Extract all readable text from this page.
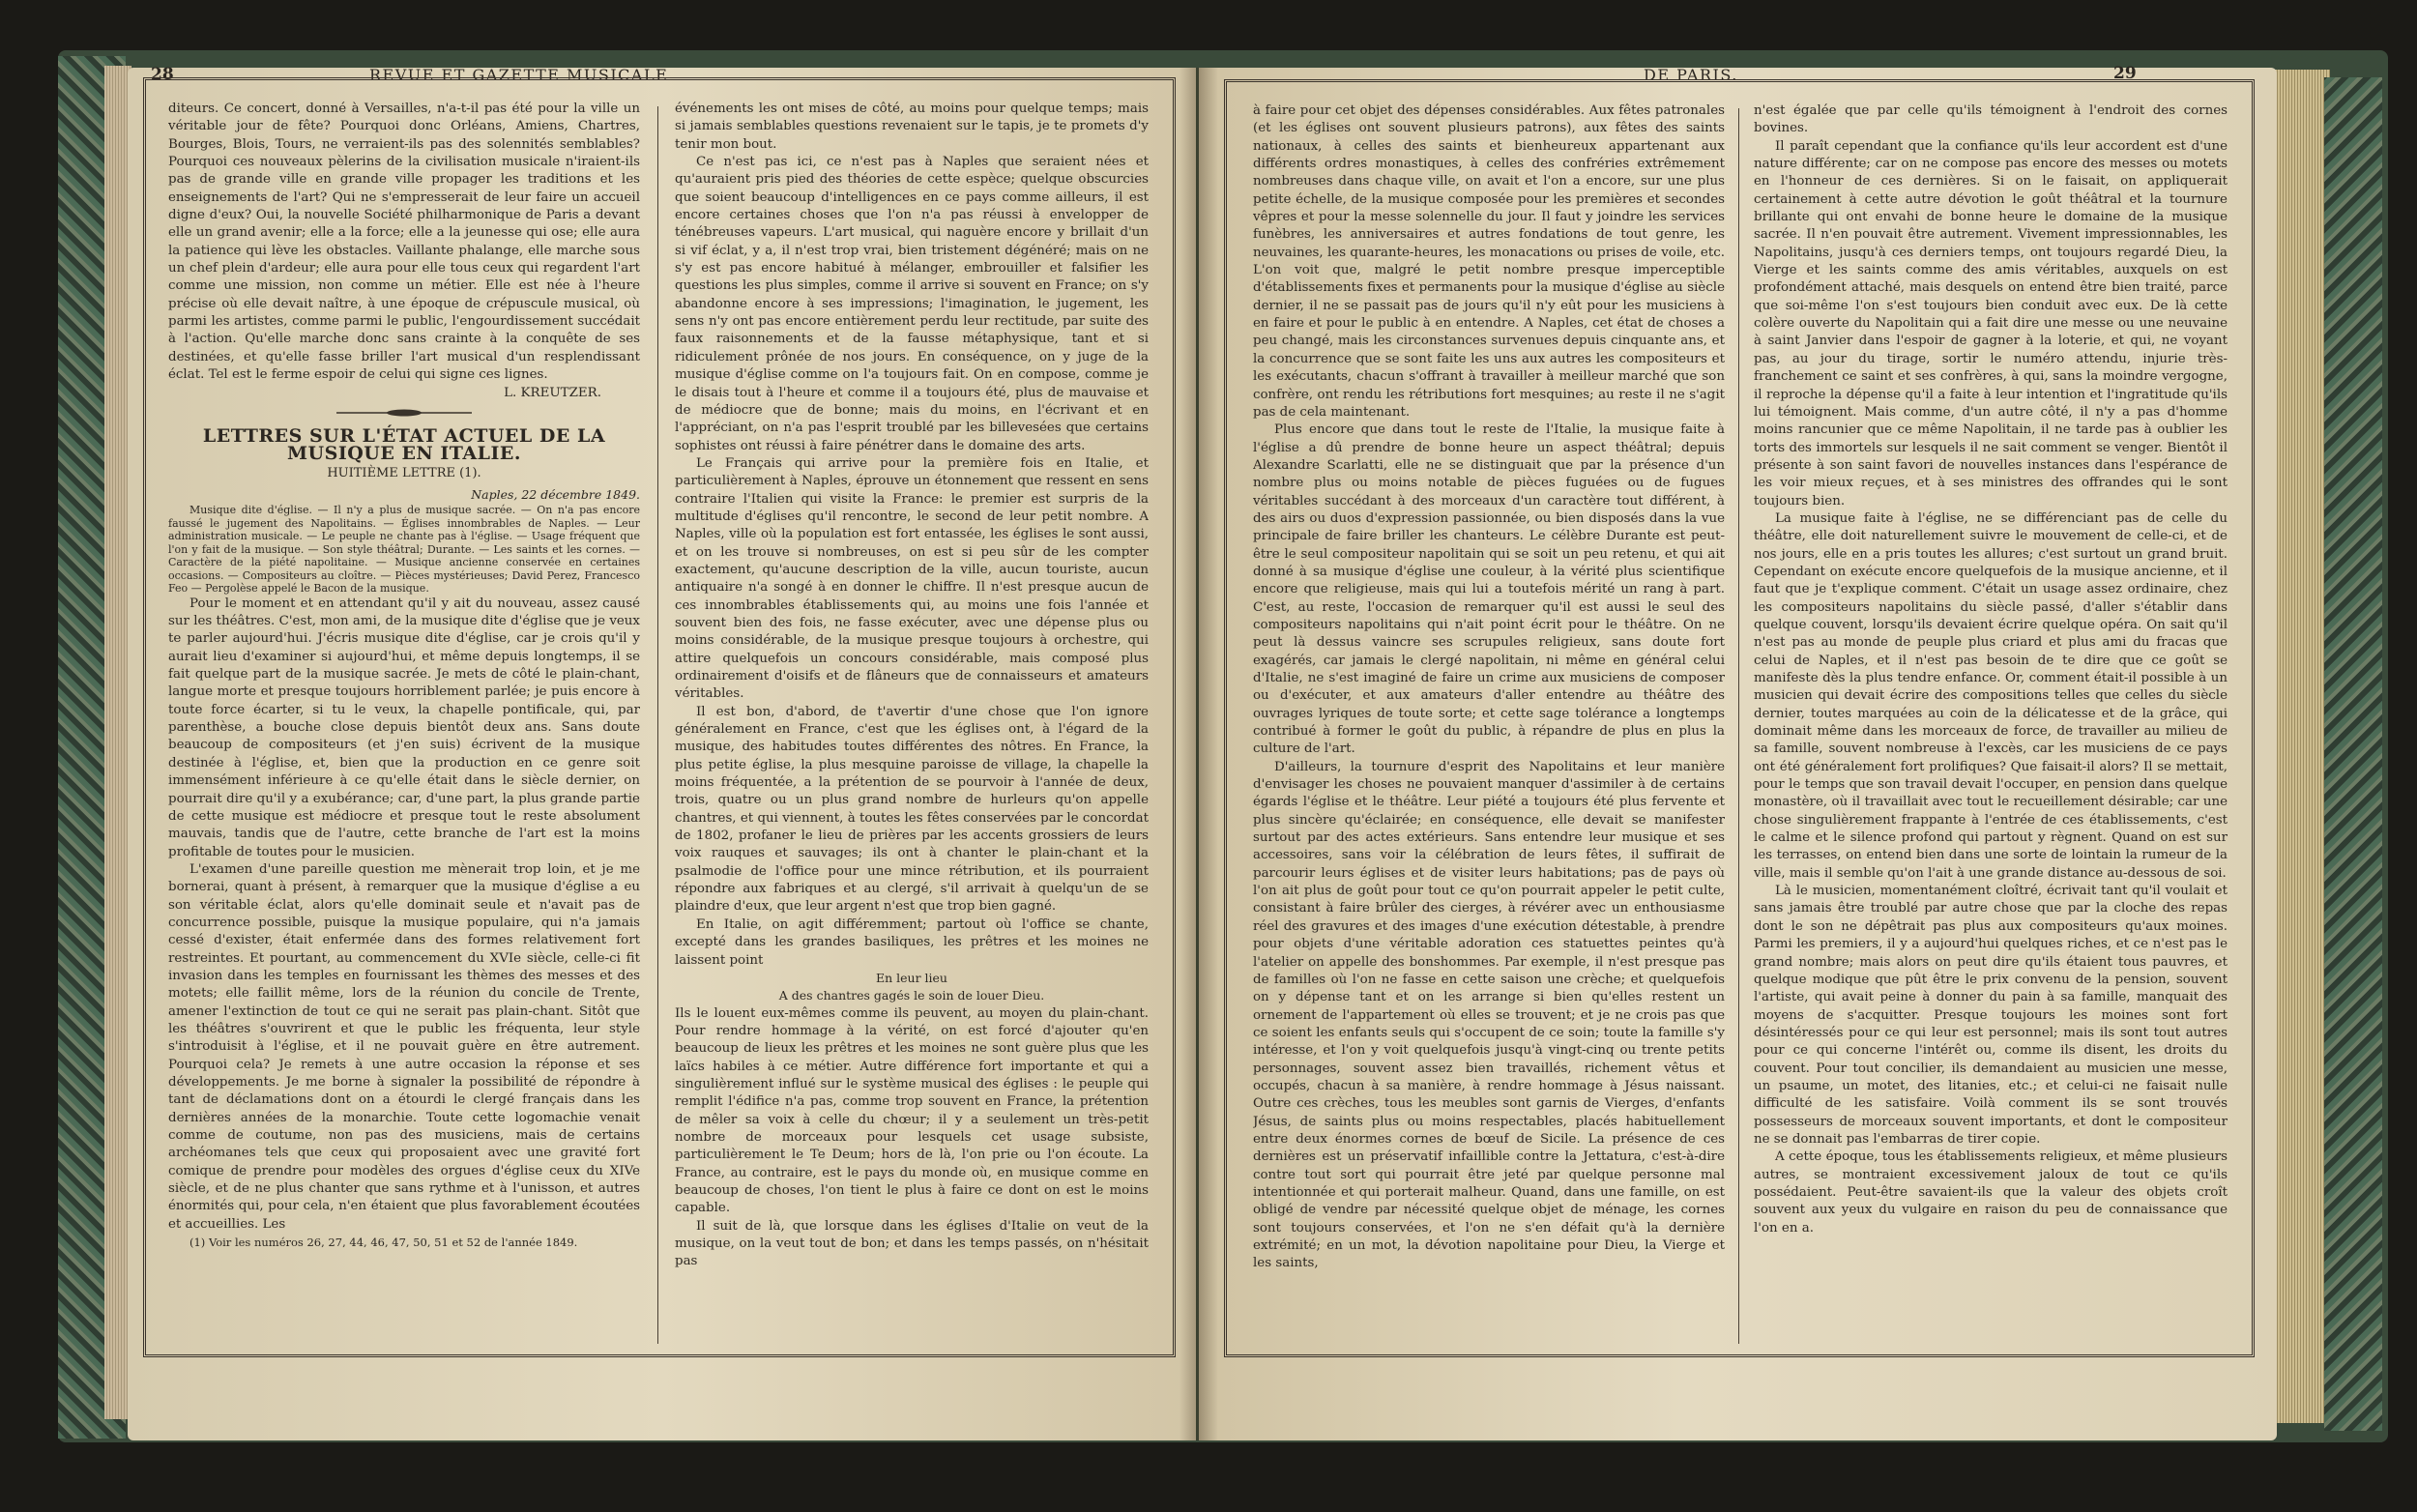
28	REVUE ET GAZETTE MUSICALE

diteurs. Ce concert, donné à Versailles, n'a-t-il pas été pour la ville un véritable jour de fête? Pourquoi donc Orléans, Amiens, Chartres, Bourges, Blois, Tours, ne verraient-ils pas des solennités semblables? Pourquoi ces nouveaux pèlerins de la civilisation musicale n'iraient-ils pas de grande ville en grande ville propager les traditions et les enseignements de l'art? Qui ne s'empresserait de leur faire un accueil digne d'eux? Oui, la nouvelle Société philharmonique de Paris a devant elle un grand avenir; elle a la force; elle a la jeunesse qui ose; elle aura la patience qui lève les obstacles. Vaillante phalange, elle marche sous un chef plein d'ardeur; elle aura pour elle tous ceux qui regardent l'art comme une mission, non comme un métier. Elle est née à l'heure précise où elle devait naître, à une époque de crépuscule musical, où parmi les artistes, comme parmi le public, l'engourdissement succédait à l'action. Qu'elle marche donc sans crainte à la conquête de ses destinées, et qu'elle fasse briller l'art musical d'un resplendissant éclat. Tel est le ferme espoir de celui qui signe ces lignes.

L. KREUTZER.

LETTRES SUR L'ÉTAT ACTUEL DE LA MUSIQUE EN ITALIE.
HUITIÈME LETTRE (1).

Naples, 22 décembre 1849.

Musique dite d'église. — Il n'y a plus de musique sacrée. — On n'a pas encore faussé le jugement des Napolitains. — Églises innombrables de Naples. — Leur administration musicale. — Le peuple ne chante pas à l'église. — Usage fréquent que l'on y fait de la musique. — Son style théâtral; Durante. — Les saints et les cornes. — Caractère de la piété napolitaine. — Musique ancienne conservée en certaines occasions. — Compositeurs au cloître. — Pièces mystérieuses; David Perez, Francesco Feo — Pergolèse appelé le Bacon de la musique.

Pour le moment et en attendant qu'il y ait du nouveau, assez causé sur les théâtres. C'est, mon ami, de la musique dite d'église que je veux te parler aujourd'hui. J'écris musique dite d'église, car je crois qu'il y aurait lieu d'examiner si aujourd'hui, et même depuis longtemps, il se fait quelque part de la musique sacrée. Je mets de côté le plain-chant, langue morte et presque toujours horriblement parlée; je puis encore à toute force écarter, si tu le veux, la chapelle pontificale, qui, par parenthèse, a bouche close depuis bientôt deux ans. Sans doute beaucoup de compositeurs (et j'en suis) écrivent de la musique destinée à l'église, et, bien que la production en ce genre soit immensément inférieure à ce qu'elle était dans le siècle dernier, on pourrait dire qu'il y a exubérance; car, d'une part, la plus grande partie de cette musique est médiocre et presque tout le reste absolument mauvais, tandis que de l'autre, cette branche de l'art est la moins profitable de toutes pour le musicien.

L'examen d'une pareille question me mènerait trop loin, et je me bornerai, quant à présent, à remarquer que la musique d'église a eu son véritable éclat, alors qu'elle dominait seule et n'avait pas de concurrence possible, puisque la musique populaire, qui n'a jamais cessé d'exister, était enfermée dans des formes relativement fort restreintes. Et pourtant, au commencement du XVIe siècle, celle-ci fit invasion dans les temples en fournissant les thèmes des messes et des motets; elle faillit même, lors de la réunion du concile de Trente, amener l'extinction de tout ce qui ne serait pas plain-chant. Sitôt que les théâtres s'ouvrirent et que le public les fréquenta, leur style s'introduisit à l'église, et il ne pouvait guère en être autrement. Pourquoi cela? Je remets à une autre occasion la réponse et ses développements. Je me borne à signaler la possibilité de répondre à tant de déclamations dont on a étourdi le clergé français dans les dernières années de la monarchie. Toute cette logomachie venait comme de coutume, non pas des musiciens, mais de certains archéomanes tels que ceux qui proposaient avec une gravité fort comique de prendre pour modèles des orgues d'église ceux du XIVe siècle, et de ne plus chanter que sans rythme et à l'unisson, et autres énormités qui, pour cela, n'en étaient que plus favorablement écoutées et accueillies. Les

(1) Voir les numéros 26, 27, 44, 46, 47, 50, 51 et 52 de l'année 1849.

événements les ont mises de côté, au moins pour quelque temps; mais si jamais semblables questions revenaient sur le tapis, je te promets d'y tenir mon bout.

Ce n'est pas ici, ce n'est pas à Naples que seraient nées et qu'auraient pris pied des théories de cette espèce; quelque obscurcies que soient beaucoup d'intelligences en ce pays comme ailleurs, il est encore certaines choses que l'on n'a pas réussi à envelopper de ténébreuses vapeurs. L'art musical, qui naguère encore y brillait d'un si vif éclat, y a, il n'est trop vrai, bien tristement dégénéré; mais on ne s'y est pas encore habitué à mélanger, embrouiller et falsifier les questions les plus simples, comme il arrive si souvent en France; on s'y abandonne encore à ses impressions; l'imagination, le jugement, les sens n'y ont pas encore entièrement perdu leur rectitude, par suite des faux raisonnements et de la fausse métaphysique, tant et si ridiculement prônée de nos jours. En conséquence, on y juge de la musique d'église comme on l'a toujours fait. On en compose, comme je le disais tout à l'heure et comme il a toujours été, plus de mauvaise et de médiocre que de bonne; mais du moins, en l'écrivant et en l'appréciant, on n'a pas l'esprit troublé par les billevesées que certains sophistes ont réussi à faire pénétrer dans le domaine des arts.

Le Français qui arrive pour la première fois en Italie, et particulièrement à Naples, éprouve un étonnement que ressent en sens contraire l'Italien qui visite la France: le premier est surpris de la multitude d'églises qu'il rencontre, le second de leur petit nombre. A Naples, ville où la population est fort entassée, les églises le sont aussi, et on les trouve si nombreuses, on est si peu sûr de les compter exactement, qu'aucune description de la ville, aucun touriste, aucun antiquaire n'a songé à en donner le chiffre. Il n'est presque aucun de ces innombrables établissements qui, au moins une fois l'année et souvent bien des fois, ne fasse exécuter, avec une dépense plus ou moins considérable, de la musique presque toujours à orchestre, qui attire quelquefois un concours considérable, mais composé plus ordinairement d'oisifs et de flâneurs que de connaisseurs et amateurs véritables.

Il est bon, d'abord, de t'avertir d'une chose que l'on ignore généralement en France, c'est que les églises ont, à l'égard de la musique, des habitudes toutes différentes des nôtres. En France, la plus petite église, la plus mesquine paroisse de village, la chapelle la moins fréquentée, a la prétention de se pourvoir à l'année de deux, trois, quatre ou un plus grand nombre de hurleurs qu'on appelle chantres, et qui viennent, à toutes les fêtes conservées par le concordat de 1802, profaner le lieu de prières par les accents grossiers de leurs voix rauques et sauvages; ils ont à chanter le plain-chant et la psalmodie de l'office pour une mince rétribution, et ils pourraient répondre aux fabriques et au clergé, s'il arrivait à quelqu'un de se plaindre d'eux, que leur argent n'est que trop bien gagné.

En Italie, on agit différemment; partout où l'office se chante, excepté dans les grandes basiliques, les prêtres et les moines ne laissent point

En leur lieu

A des chantres gagés le soin de louer Dieu.

Ils le louent eux-mêmes comme ils peuvent, au moyen du plain-chant. Pour rendre hommage à la vérité, on est forcé d'ajouter qu'en beaucoup de lieux les prêtres et les moines ne sont guère plus que les laïcs habiles à ce métier. Autre différence fort importante et qui a singulièrement influé sur le système musical des églises : le peuple qui remplit l'édifice n'a pas, comme trop souvent en France, la prétention de mêler sa voix à celle du chœur; il y a seulement un très-petit nombre de morceaux pour lesquels cet usage subsiste, particulièrement le Te Deum; hors de là, l'on prie ou l'on écoute. La France, au contraire, est le pays du monde où, en musique comme en beaucoup de choses, l'on tient le plus à faire ce dont on est le moins capable.

Il suit de là, que lorsque dans les églises d'Italie on veut de la musique, on la veut tout de bon; et dans les temps passés, on n'hésitait pas

DE PARIS.	29

à faire pour cet objet des dépenses considérables. Aux fêtes patronales (et les églises ont souvent plusieurs patrons), aux fêtes des saints nationaux, à celles des saints et bienheureux appartenant aux différents ordres monastiques, à celles des confréries extrêmement nombreuses dans chaque ville, on avait et l'on a encore, sur une plus petite échelle, de la musique composée pour les premières et secondes vêpres et pour la messe solennelle du jour. Il faut y joindre les services funèbres, les anniversaires et autres fondations de tout genre, les neuvaines, les quarante-heures, les monacations ou prises de voile, etc. L'on voit que, malgré le petit nombre presque imperceptible d'établissements fixes et permanents pour la musique d'église au siècle dernier, il ne se passait pas de jours qu'il n'y eût pour les musiciens à en faire et pour le public à en entendre. A Naples, cet état de choses a peu changé, mais les circonstances survenues depuis cinquante ans, et la concurrence que se sont faite les uns aux autres les compositeurs et les exécutants, chacun s'offrant à travailler à meilleur marché que son confrère, ont rendu les rétributions fort mesquines; au reste il ne s'agit pas de cela maintenant.

Plus encore que dans tout le reste de l'Italie, la musique faite à l'église a dû prendre de bonne heure un aspect théâtral; depuis Alexandre Scarlatti, elle ne se distinguait que par la présence d'un nombre plus ou moins notable de pièces fuguées ou de fugues véritables succédant à des morceaux d'un caractère tout différent, à des airs ou duos d'expression passionnée, ou bien disposés dans la vue principale de faire briller les chanteurs. Le célèbre Durante est peut-être le seul compositeur napolitain qui se soit un peu retenu, et qui ait donné à sa musique d'église une couleur, à la vérité plus scientifique encore que religieuse, mais qui lui a toutefois mérité un rang à part. C'est, au reste, l'occasion de remarquer qu'il est aussi le seul des compositeurs napolitains qui n'ait point écrit pour le théâtre. On ne peut là dessus vaincre ses scrupules religieux, sans doute fort exagérés, car jamais le clergé napolitain, ni même en général celui d'Italie, ne s'est imaginé de faire un crime aux musiciens de composer ou d'exécuter, et aux amateurs d'aller entendre au théâtre des ouvrages lyriques de toute sorte; et cette sage tolérance a longtemps contribué à former le goût du public, à répandre de plus en plus la culture de l'art.

D'ailleurs, la tournure d'esprit des Napolitains et leur manière d'envisager les choses ne pouvaient manquer d'assimiler à de certains égards l'église et le théâtre. Leur piété a toujours été plus fervente et plus sincère qu'éclairée; en conséquence, elle devait se manifester surtout par des actes extérieurs. Sans entendre leur musique et ses accessoires, sans voir la célébration de leurs fêtes, il suffirait de parcourir leurs églises et de visiter leurs habitations; pas de pays où l'on ait plus de goût pour tout ce qu'on pourrait appeler le petit culte, consistant à faire brûler des cierges, à révérer avec un enthousiasme réel des gravures et des images d'une exécution détestable, à prendre pour objets d'une véritable adoration ces statuettes peintes qu'à l'atelier on appelle des bonshommes. Par exemple, il n'est presque pas de familles où l'on ne fasse en cette saison une crèche; et quelquefois on y dépense tant et on les arrange si bien qu'elles restent un ornement de l'appartement où elles se trouvent; et je ne crois pas que ce soient les enfants seuls qui s'occupent de ce soin; toute la famille s'y intéresse, et l'on y voit quelquefois jusqu'à vingt-cinq ou trente petits personnages, souvent assez bien travaillés, richement vêtus et occupés, chacun à sa manière, à rendre hommage à Jésus naissant. Outre ces crèches, tous les meubles sont garnis de Vierges, d'enfants Jésus, de saints plus ou moins respectables, placés habituellement entre deux énormes cornes de bœuf de Sicile. La présence de ces dernières est un préservatif infaillible contre la Jettatura, c'est-à-dire contre tout sort qui pourrait être jeté par quelque personne mal intentionnée et qui porterait malheur. Quand, dans une famille, on est obligé de vendre par nécessité quelque objet de ménage, les cornes sont toujours conservées, et l'on ne s'en défait qu'à la dernière extrémité; en un mot, la dévotion napolitaine pour Dieu, la Vierge et les saints,

n'est égalée que par celle qu'ils témoignent à l'endroit des cornes bovines.

Il paraît cependant que la confiance qu'ils leur accordent est d'une nature différente; car on ne compose pas encore des messes ou motets en l'honneur de ces dernières. Si on le faisait, on appliquerait certainement à cette autre dévotion le goût théâtral et la tournure brillante qui ont envahi de bonne heure le domaine de la musique sacrée. Il n'en pouvait être autrement. Vivement impressionnables, les Napolitains, jusqu'à ces derniers temps, ont toujours regardé Dieu, la Vierge et les saints comme des amis véritables, auxquels on est profondément attaché, mais desquels on entend être bien traité, parce que soi-même l'on s'est toujours bien conduit avec eux. De là cette colère ouverte du Napolitain qui a fait dire une messe ou une neuvaine à saint Janvier dans l'espoir de gagner à la loterie, et qui, ne voyant pas, au jour du tirage, sortir le numéro attendu, injurie très-franchement ce saint et ses confrères, à qui, sans la moindre vergogne, il reproche la dépense qu'il a faite à leur intention et l'ingratitude qu'ils lui témoignent. Mais comme, d'un autre côté, il n'y a pas d'homme moins rancunier que ce même Napolitain, il ne tarde pas à oublier les torts des immortels sur lesquels il ne sait comment se venger. Bientôt il présente à son saint favori de nouvelles instances dans l'espérance de les voir mieux reçues, et à ses ministres des offrandes qui le sont toujours bien.

La musique faite à l'église, ne se différenciant pas de celle du théâtre, elle doit naturellement suivre le mouvement de celle-ci, et de nos jours, elle en a pris toutes les allures; c'est surtout un grand bruit. Cependant on exécute encore quelquefois de la musique ancienne, et il faut que je t'explique comment. C'était un usage assez ordinaire, chez les compositeurs napolitains du siècle passé, d'aller s'établir dans quelque couvent, lorsqu'ils devaient écrire quelque opéra. On sait qu'il n'est pas au monde de peuple plus criard et plus ami du fracas que celui de Naples, et il n'est pas besoin de te dire que ce goût se manifeste dès la plus tendre enfance. Or, comment était-il possible à un musicien qui devait écrire des compositions telles que celles du siècle dernier, toutes marquées au coin de la délicatesse et de la grâce, qui dominait même dans les morceaux de force, de travailler au milieu de sa famille, souvent nombreuse à l'excès, car les musiciens de ce pays ont été généralement fort prolifiques? Que faisait-il alors? Il se mettait, pour le temps que son travail devait l'occuper, en pension dans quelque monastère, où il travaillait avec tout le recueillement désirable; car une chose singulièrement frappante à l'entrée de ces établissements, c'est le calme et le silence profond qui partout y règnent. Quand on est sur les terrasses, on entend bien dans une sorte de lointain la rumeur de la ville, mais il semble qu'on l'ait à une grande distance au-dessous de soi.

Là le musicien, momentanément cloîtré, écrivait tant qu'il voulait et sans jamais être troublé par autre chose que par la cloche des repas dont le son ne dépêtrait pas plus aux compositeurs qu'aux moines. Parmi les premiers, il y a aujourd'hui quelques riches, et ce n'est pas le grand nombre; mais alors on peut dire qu'ils étaient tous pauvres, et quelque modique que pût être le prix convenu de la pension, souvent l'artiste, qui avait peine à donner du pain à sa famille, manquait des moyens de s'acquitter. Presque toujours les moines sont fort désintéressés pour ce qui leur est personnel; mais ils sont tout autres pour ce qui concerne l'intérêt ou, comme ils disent, les droits du couvent. Pour tout concilier, ils demandaient au musicien une messe, un psaume, un motet, des litanies, etc.; et celui-ci ne faisait nulle difficulté de les satisfaire. Voilà comment ils se sont trouvés possesseurs de morceaux souvent importants, et dont le compositeur ne se donnait pas l'embarras de tirer copie.

A cette époque, tous les établissements religieux, et même plusieurs autres, se montraient excessivement jaloux de tout ce qu'ils possédaient. Peut-être savaient-ils que la valeur des objets croît souvent aux yeux du vulgaire en raison du peu de connaissance que l'on en a.
